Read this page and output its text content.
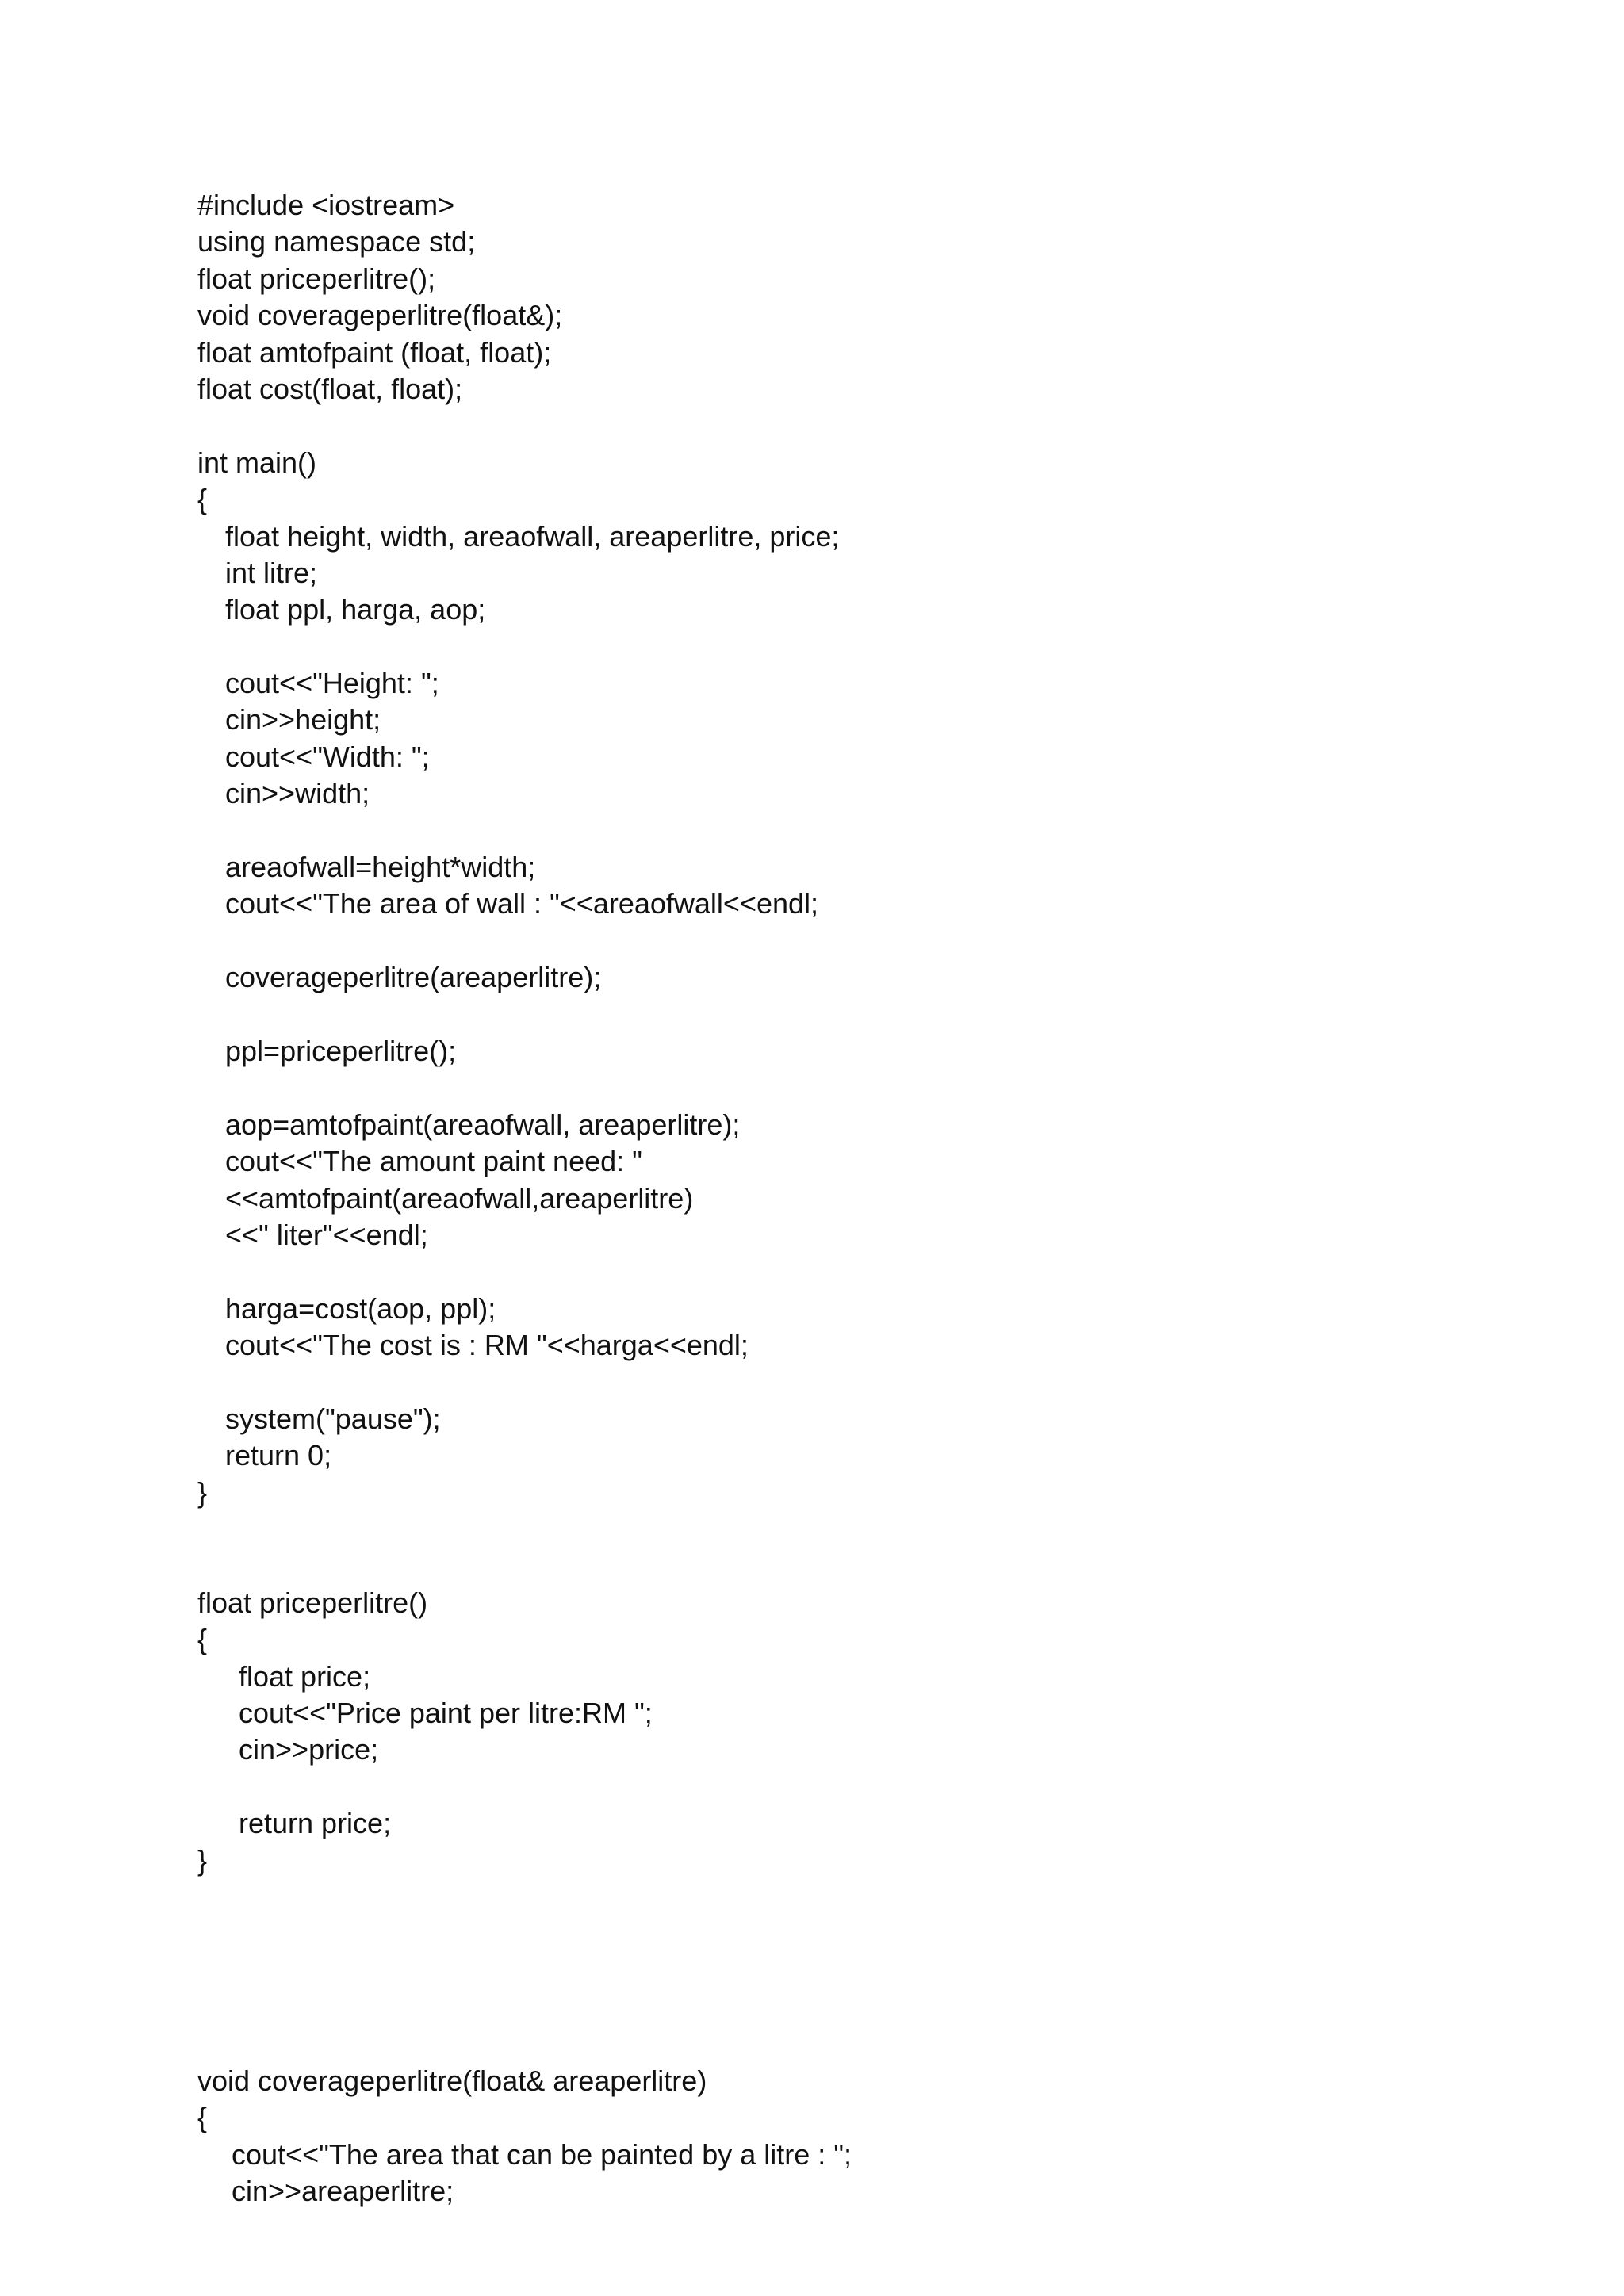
#include <iostream>
using namespace std;
float priceperlitre();
void coverageperlitre(float&);
float amtofpaint (float, float);
float cost(float, float);
int main()
{
float height, width, areaofwall, areaperlitre, price;
int litre;
float ppl, harga, aop;
cout<<"Height: ";
cin>>height;
cout<<"Width: ";
cin>>width;
areaofwall=height*width;
cout<<"The area of wall : "<<areaofwall<<endl;
coverageperlitre(areaperlitre);
ppl=priceperlitre();
aop=amtofpaint(areaofwall, areaperlitre);
cout<<"The amount paint need: "
<<amtofpaint(areaofwall,areaperlitre)
<<" liter"<<endl;
harga=cost(aop, ppl);
cout<<"The cost is : RM "<<harga<<endl;
system("pause");
return 0;
}
float priceperlitre()
{
float price;
cout<<"Price paint per litre:RM ";
cin>>price;
return price;
}
void coverageperlitre(float& areaperlitre)
{
cout<<"The area that can be painted by a litre : ";
cin>>areaperlitre;
